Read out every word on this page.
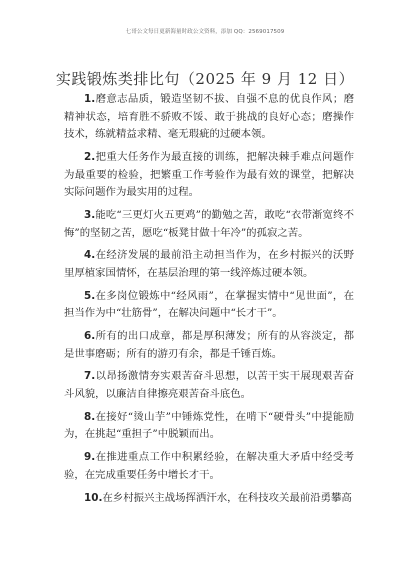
七哥公文每日更新海量时政公文资料，添加 QQ：2569017509
实践锻炼类排比句（2025 年 9 月 12 日）

1.磨意志品质，锻造坚韧不拔、自强不息的优良作风；磨精神状态，培育胜不骄败不馁、敢于挑战的良好心态；磨操作技术，练就精益求精、毫无瑕疵的过硬本领。

2.把重大任务作为最直接的训练，把解决棘手难点问题作为最重要的检验，把繁重工作考验作为最有效的课堂，把解决实际问题作为最实用的过程。

3.能吃“三更灯火五更鸡”的勤勉之苦，敢吃“衣带渐宽终不悔”的坚韧之苦，愿吃“板凳甘做十年冷”的孤寂之苦。

4.在经济发展的最前沿主动担当作为，在乡村振兴的沃野里厚植家国情怀，在基层治理的第一线淬炼过硬本领。

5.在多岗位锻炼中“经风雨”，在掌握实情中“见世面”，在担当作为中“壮筋骨”，在解决问题中“长才干”。

6.所有的出口成章，都是厚积薄发；所有的从容淡定，都是世事磨砺；所有的游刃有余，都是千锤百炼。

7.以昂扬激情夯实艰苦奋斗思想，以苦干实干展现艰苦奋斗风貌，以廉洁自律擦亮艰苦奋斗底色。

8.在接好“烫山芋”中锤炼党性，在啃下“硬骨头”中提能励为，在挑起“重担子”中脱颖而出。

9.在推进重点工作中积累经验，在解决重大矛盾中经受考验，在完成重要任务中增长才干。

10.在乡村振兴主战场挥洒汗水，在科技攻关最前沿勇攀高
